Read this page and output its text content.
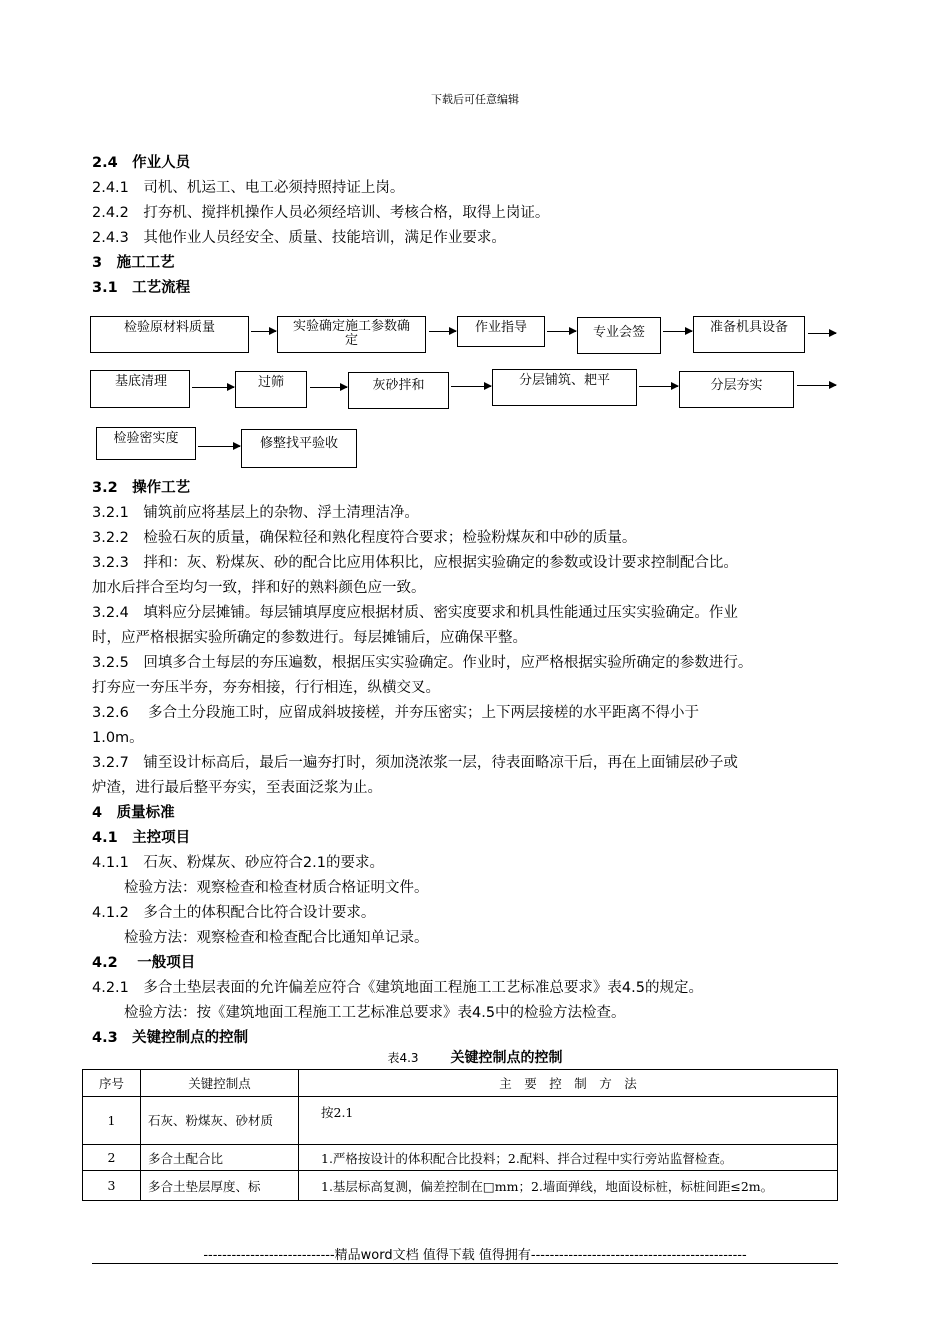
下载后可任意编辑
2.4　作业人员
2.4.1　司机、机运工、电工必须持照持证上岗。
2.4.2　打夯机、搅拌机操作人员必须经培训、考核合格，取得上岗证。
2.4.3　其他作业人员经安全、质量、技能培训，满足作业要求。
3　施工工艺
3.1　工艺流程
检验原材料质量	实验确定施工参数确定
作业指导	专业会签	准备机具设备
基底清理	过筛	灰砂拌和	分层铺筑、耙平	分层夯实
检验密实度	修整找平验收
3.2　操作工艺
3.2.1　铺筑前应将基层上的杂物、浮土清理洁净。
3.2.2　检验石灰的质量，确保粒径和熟化程度符合要求；检验粉煤灰和中砂的质量。
3.2.3　拌和：灰、粉煤灰、砂的配合比应用体积比，应根据实验确定的参数或设计要求控制配合比。
加水后拌合至均匀一致，拌和好的熟料颜色应一致。
3.2.4　填料应分层摊铺。每层铺填厚度应根据材质、密实度要求和机具性能通过压实实验确定。作业
时，应严格根据实验所确定的参数进行。每层摊铺后，应确保平整。
3.2.5　回填多合土每层的夯压遍数，根据压实实验确定。作业时，应严格根据实验所确定的参数进行。
打夯应一夯压半夯，夯夯相接，行行相连，纵横交叉。
3.2.6　 多合土分段施工时，应留成斜坡接槎，并夯压密实；上下两层接槎的水平距离不得小于
1.0m。
3.2.7　铺至设计标高后，最后一遍夯打时，须加浇浓浆一层，待表面略凉干后，再在上面铺层砂子或
炉渣，进行最后整平夯实，至表面泛浆为止。
4　质量标准
4.1　主控项目
4.1.1　石灰、粉煤灰、砂应符合2.1的要求。
检验方法：观察检查和检查材质合格证明文件。
4.1.2　多合土的体积配合比符合设计要求。
检验方法：观察检查和检查配合比通知单记录。
4.2　 一般项目
4.2.1　多合土垫层表面的允许偏差应符合《建筑地面工程施工工艺标准总要求》表4.5的规定。
检验方法：按《建筑地面工程施工工艺标准总要求》表4.5中的检验方法检查。
4.3　关键控制点的控制
表4.3 关键控制点的控制
序号	关键控制点	主　要　控　制　方　法
1	石灰、粉煤灰、砂材质	按2.1
2	多合土配合比	1.严格按设计的体积配合比投料；2.配料、拌合过程中实行旁站监督检查。
3	多合土垫层厚度、标	1.基层标高复测，偏差控制在□mm；2.墙面弹线，地面设标桩，标桩间距≤2m。
----------------------------精品word文档 值得下载 值得拥有----------------------------------------------
